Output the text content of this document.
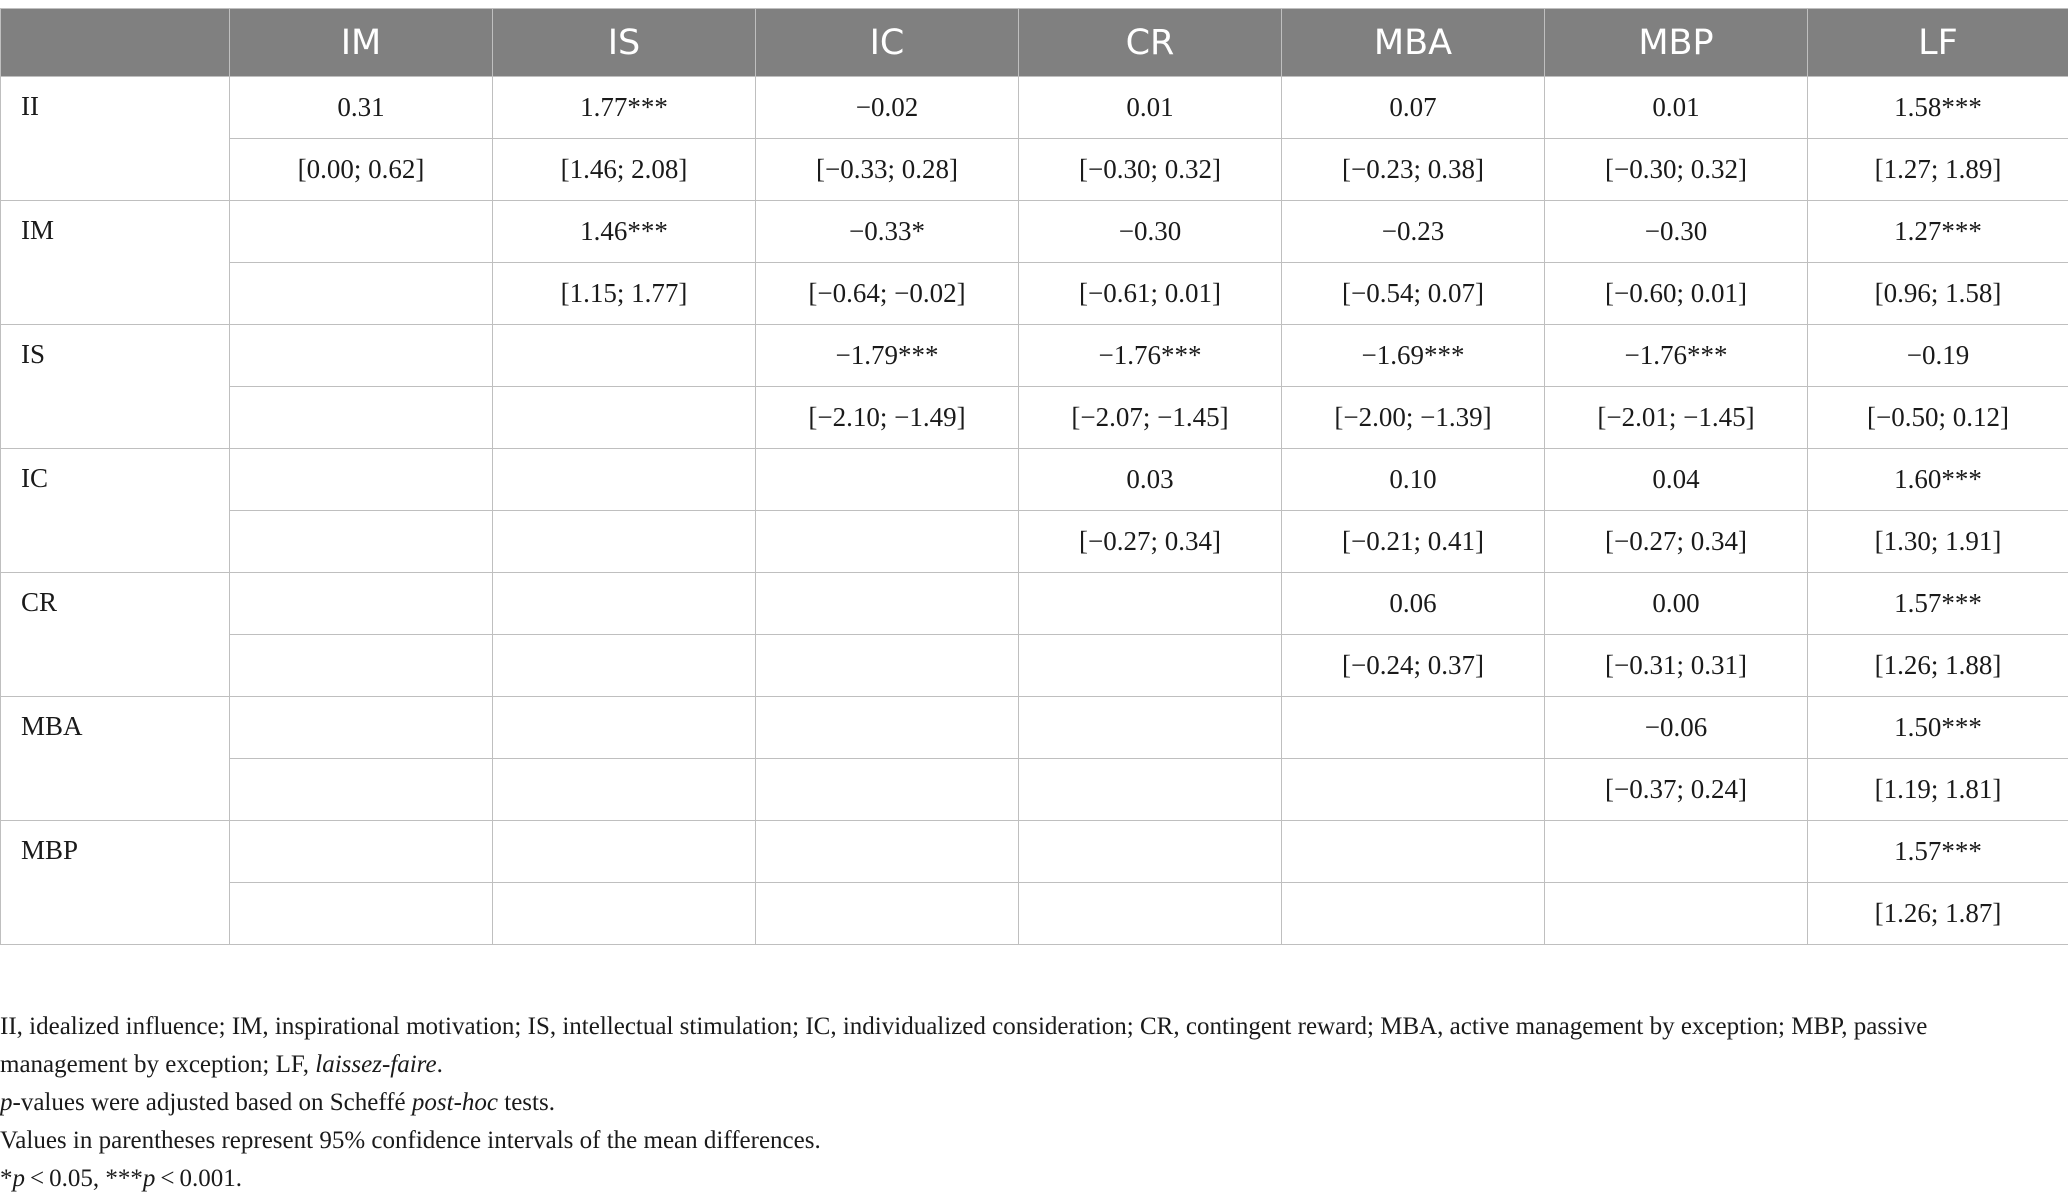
	IM	IS	IC	CR	MBA	MBP	LF
II	0.31	1.77***	−0.02	0.01	0.07	0.01	1.58***
	[0.00; 0.62]	[1.46; 2.08]	[−0.33; 0.28]	[−0.30; 0.32]	[−0.23; 0.38]	[−0.30; 0.32]	[1.27; 1.89]
IM		1.46***	−0.33*	−0.30	−0.23	−0.30	1.27***
		[1.15; 1.77]	[−0.64; −0.02]	[−0.61; 0.01]	[−0.54; 0.07]	[−0.60; 0.01]	[0.96; 1.58]
IS			−1.79***	−1.76***	−1.69***	−1.76***	−0.19
			[−2.10; −1.49]	[−2.07; −1.45]	[−2.00; −1.39]	[−2.01; −1.45]	[−0.50; 0.12]
IC				0.03	0.10	0.04	1.60***
				[−0.27; 0.34]	[−0.21; 0.41]	[−0.27; 0.34]	[1.30; 1.91]
CR					0.06	0.00	1.57***
					[−0.24; 0.37]	[−0.31; 0.31]	[1.26; 1.88]
MBA						−0.06	1.50***
						[−0.37; 0.24]	[1.19; 1.81]
MBP							1.57***
							[1.26; 1.87]

II, idealized influence; IM, inspirational motivation; IS, intellectual stimulation; IC, individualized consideration; CR, contingent reward; MBA, active management by exception; MBP, passive management by exception; LF, laissez-faire.

p-values were adjusted based on Scheffé post-hoc tests.

Values in parentheses represent 95% confidence intervals of the mean differences.

*p < 0.05, ***p < 0.001.
